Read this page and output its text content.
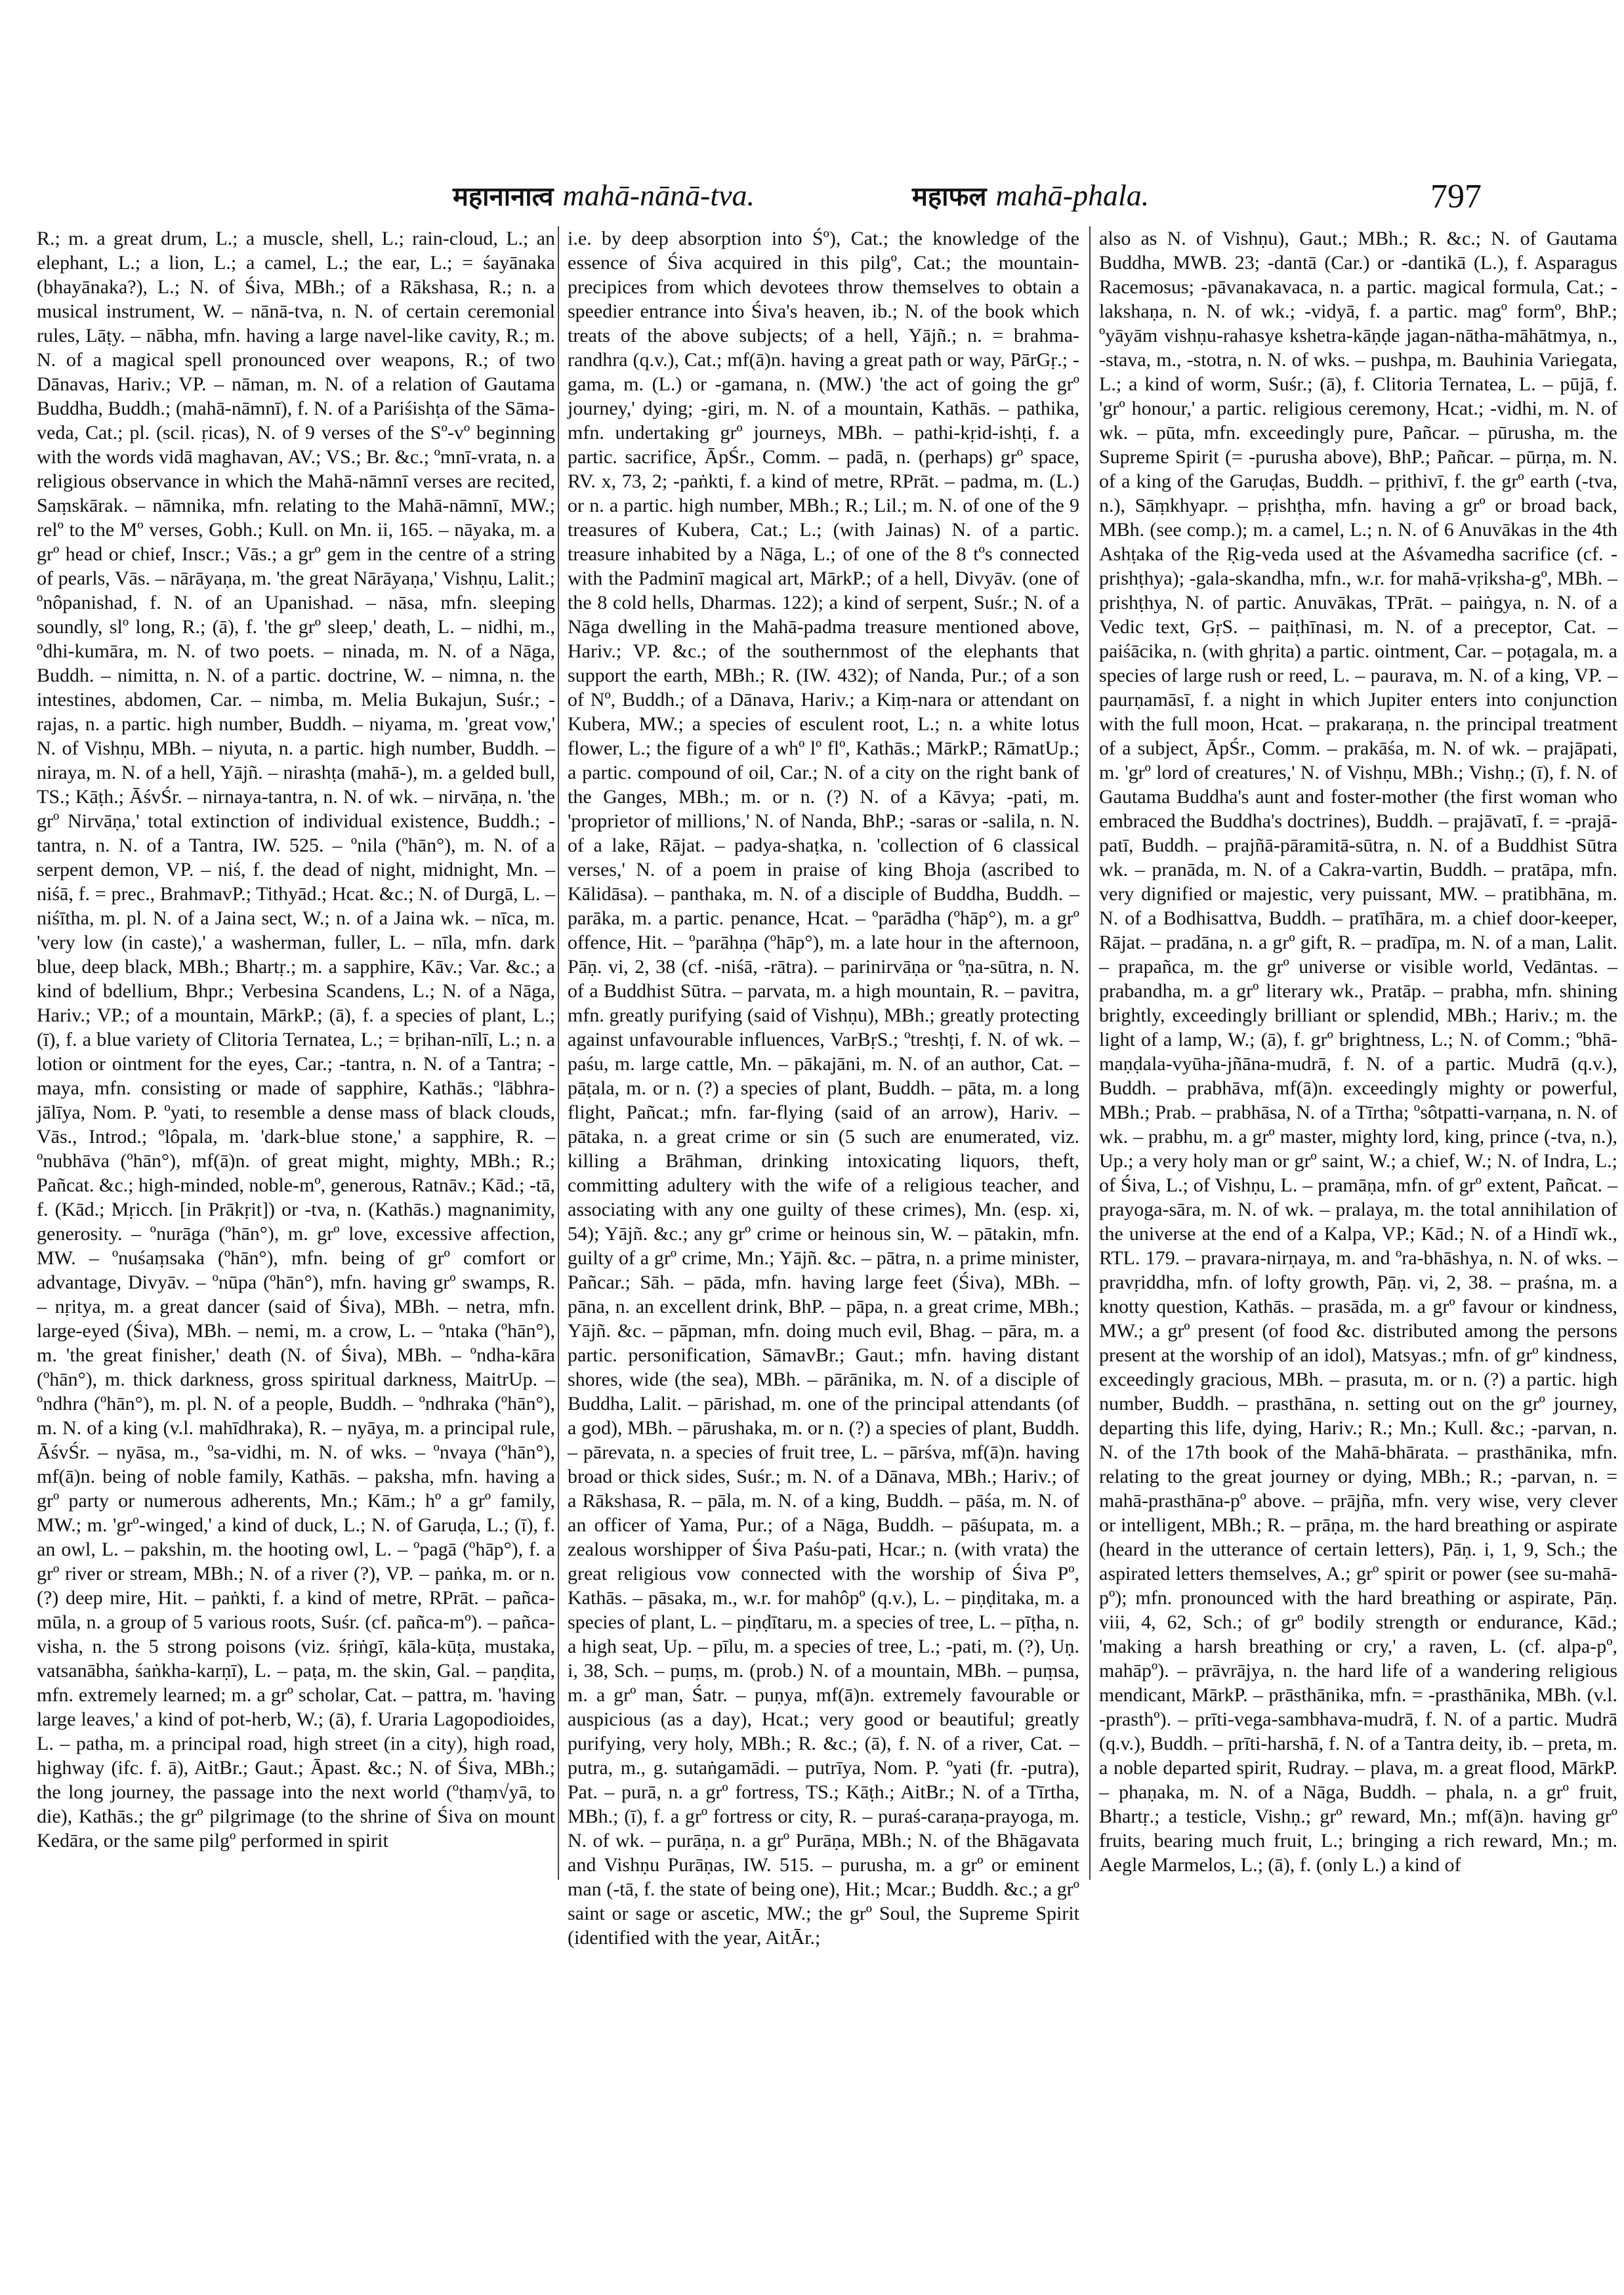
महानानात्व mahā-nānā-tva.	महाफल mahā-phala.	797

R.; m. a great drum, L.; a muscle, shell, L.; rain-cloud, L.; an elephant, L.; a lion, L.; a camel, L.; the ear, L.; = śayānaka (bhayānaka?), L.; N. of Śiva, MBh.; of a Rākshasa, R.; n. a musical instrument, W. – nānā-tva, n. N. of certain ceremonial rules, Lāṭy. – nābha, mfn. having a large navel-like cavity, R.; m. N. of a magical spell pronounced over weapons, R.; of two Dānavas, Hariv.; VP. – nāman, m. N. of a relation of Gautama Buddha, Buddh.; (mahā-nāmnī), f. N. of a Pariśishṭa of the Sāma-veda, Cat.; pl. (scil. ṛicas), N. of 9 verses of the Sº-vº beginning with the words vidā maghavan, AV.; VS.; Br. &c.; ºmnī-vrata, n. a religious observance in which the Mahā-nāmnī verses are recited, Saṃskārak. – nāmnika, mfn. relating to the Mahā-nāmnī, MW.; relº to the Mº verses, Gobh.; Kull. on Mn. ii, 165. – nāyaka, m. a grº head or chief, Inscr.; Vās.; a grº gem in the centre of a string of pearls, Vās. – nārāyaṇa, m. 'the great Nārāyaṇa,' Vishṇu, Lalit.; ºnôpanishad, f. N. of an Upanishad. – nāsa, mfn. sleeping soundly, slº long, R.; (ā), f. 'the grº sleep,' death, L. – nidhi, m., ºdhi-kumāra, m. N. of two poets. – ninada, m. N. of a Nāga, Buddh. – nimitta, n. N. of a partic. doctrine, W. – nimna, n. the intestines, abdomen, Car. – nimba, m. Melia Bukajun, Suśr.; -rajas, n. a partic. high number, Buddh. – niyama, m. 'great vow,' N. of Vishṇu, MBh. – niyuta, n. a partic. high number, Buddh. – niraya, m. N. of a hell, Yājñ. – nirashṭa (mahā-), m. a gelded bull, TS.; Kāṭh.; ĀśvŚr. – nirnaya-tantra, n. N. of wk. – nirvāṇa, n. 'the grº Nirvāṇa,' total extinction of individual existence, Buddh.; -tantra, n. N. of a Tantra, IW. 525. – ºnila (ºhān°), m. N. of a serpent demon, VP. – niś, f. the dead of night, midnight, Mn. – niśā, f. = prec., BrahmavP.; Tithyād.; Hcat. &c.; N. of Durgā, L. – niśītha, m. pl. N. of a Jaina sect, W.; n. of a Jaina wk. – nīca, m. 'very low (in caste),' a washerman, fuller, L. – nīla, mfn. dark blue, deep black, MBh.; Bhartṛ.; m. a sapphire, Kāv.; Var. &c.; a kind of bdellium, Bhpr.; Verbesina Scandens, L.; N. of a Nāga, Hariv.; VP.; of a mountain, MārkP.; (ā), f. a species of plant, L.; (ī), f. a blue variety of Clitoria Ternatea, L.; = bṛihan-nīlī, L.; n. a lotion or ointment for the eyes, Car.; -tantra, n. N. of a Tantra; -maya, mfn. consisting or made of sapphire, Kathās.; ºlābhra-jālīya, Nom. P. ºyati, to resemble a dense mass of black clouds, Vās., Introd.; ºlôpala, m. 'dark-blue stone,' a sapphire, R. – ºnubhāva (ºhān°), mf(ā)n. of great might, mighty, MBh.; R.; Pañcat. &c.; high-minded, noble-mº, generous, Ratnāv.; Kād.; -tā, f. (Kād.; Mṛicch. [in Prākṛit]) or -tva, n. (Kathās.) magnanimity, generosity. – ºnurāga (ºhān°), m. grº love, excessive affection, MW. – ºnuśaṃsaka (ºhān°), mfn. being of grº comfort or advantage, Divyāv. – ºnūpa (ºhān°), mfn. having grº swamps, R. – nṛitya, m. a great dancer (said of Śiva), MBh. – netra, mfn. large-eyed (Śiva), MBh. – nemi, m. a crow, L. – ºntaka (ºhān°), m. 'the great finisher,' death (N. of Śiva), MBh. – ºndha-kāra (ºhān°), m. thick darkness, gross spiritual darkness, MaitrUp. – ºndhra (ºhān°), m. pl. N. of a people, Buddh. – ºndhraka (ºhān°), m. N. of a king (v.l. mahīdhraka), R. – nyāya, m. a principal rule, ĀśvŚr. – nyāsa, m., ºsa-vidhi, m. N. of wks. – ºnvaya (ºhān°), mf(ā)n. being of noble family, Kathās. – paksha, mfn. having a grº party or numerous adherents, Mn.; Kām.; hº a grº family, MW.; m. 'grº-winged,' a kind of duck, L.; N. of Garuḍa, L.; (ī), f. an owl, L. – pakshin, m. the hooting owl, L. – ºpagā (ºhāp°), f. a grº river or stream, MBh.; N. of a river (?), VP. – paṅka, m. or n. (?) deep mire, Hit. – paṅkti, f. a kind of metre, RPrāt. – pañca-mūla, n. a group of 5 various roots, Suśr. (cf. pañca-mº). – pañca-visha, n. the 5 strong poisons (viz. śṛiṅgī, kāla-kūṭa, mustaka, vatsanābha, śaṅkha-karṇī), L. – paṭa, m. the skin, Gal. – paṇḍita, mfn. extremely learned; m. a grº scholar, Cat. – pattra, m. 'having large leaves,' a kind of pot-herb, W.; (ā), f. Uraria Lagopodioides, L. – patha, m. a principal road, high street (in a city), high road, highway (ifc. f. ā), AitBr.; Gaut.; Āpast. &c.; N. of Śiva, MBh.; the long journey, the passage into the next world (ºthaṃ√yā, to die), Kathās.; the grº pilgrimage (to the shrine of Śiva on mount Kedāra, or the same pilgº performed in spirit

i.e. by deep absorption into Śº), Cat.; the knowledge of the essence of Śiva acquired in this pilgº, Cat.; the mountain-precipices from which devotees throw themselves to obtain a speedier entrance into Śiva's heaven, ib.; N. of the book which treats of the above subjects; of a hell, Yājñ.; n. = brahma-randhra (q.v.), Cat.; mf(ā)n. having a great path or way, PārGṛ.; -gama, m. (L.) or -gamana, n. (MW.) 'the act of going the grº journey,' dying; -giri, m. N. of a mountain, Kathās. – pathika, mfn. undertaking grº journeys, MBh. – pathi-kṛid-ishṭi, f. a partic. sacrifice, ĀpŚr., Comm. – padā, n. (perhaps) grº space, RV. x, 73, 2; -paṅkti, f. a kind of metre, RPrāt. – padma, m. (L.) or n. a partic. high number, MBh.; R.; Lil.; m. N. of one of the 9 treasures of Kubera, Cat.; L.; (with Jainas) N. of a partic. treasure inhabited by a Nāga, L.; of one of the 8 tºs connected with the Padminī magical art, MārkP.; of a hell, Divyāv. (one of the 8 cold hells, Dharmas. 122); a kind of serpent, Suśr.; N. of a Nāga dwelling in the Mahā-padma treasure mentioned above, Hariv.; VP. &c.; of the southernmost of the elephants that support the earth, MBh.; R. (IW. 432); of Nanda, Pur.; of a son of Nº, Buddh.; of a Dānava, Hariv.; a Kiṃ-nara or attendant on Kubera, MW.; a species of esculent root, L.; n. a white lotus flower, L.; the figure of a whº lº flº, Kathās.; MārkP.; RāmatUp.; a partic. compound of oil, Car.; N. of a city on the right bank of the Ganges, MBh.; m. or n. (?) N. of a Kāvya; -pati, m. 'proprietor of millions,' N. of Nanda, BhP.; -saras or -salila, n. N. of a lake, Rājat. – padya-shaṭka, n. 'collection of 6 classical verses,' N. of a poem in praise of king Bhoja (ascribed to Kālidāsa). – panthaka, m. N. of a disciple of Buddha, Buddh. – parāka, m. a partic. penance, Hcat. – ºparādha (ºhāp°), m. a grº offence, Hit. – ºparāhṇa (ºhāp°), m. a late hour in the afternoon, Pāṇ. vi, 2, 38 (cf. -niśā, -rātra). – parinirvāṇa or ºṇa-sūtra, n. N. of a Buddhist Sūtra. – parvata, m. a high mountain, R. – pavitra, mfn. greatly purifying (said of Vishṇu), MBh.; greatly protecting against unfavourable influences, VarBṛS.; ºtreshṭi, f. N. of wk. – paśu, m. large cattle, Mn. – pākajāni, m. N. of an author, Cat. – pāṭala, m. or n. (?) a species of plant, Buddh. – pāta, m. a long flight, Pañcat.; mfn. far-flying (said of an arrow), Hariv. – pātaka, n. a great crime or sin (5 such are enumerated, viz. killing a Brāhman, drinking intoxicating liquors, theft, committing adultery with the wife of a religious teacher, and associating with any one guilty of these crimes), Mn. (esp. xi, 54); Yājñ. &c.; any grº crime or heinous sin, W. – pātakin, mfn. guilty of a grº crime, Mn.; Yājñ. &c. – pātra, n. a prime minister, Pañcar.; Sāh. – pāda, mfn. having large feet (Śiva), MBh. – pāna, n. an excellent drink, BhP. – pāpa, n. a great crime, MBh.; Yājñ. &c. – pāpman, mfn. doing much evil, Bhag. – pāra, m. a partic. personification, SāmavBr.; Gaut.; mfn. having distant shores, wide (the sea), MBh. – pārānika, m. N. of a disciple of Buddha, Lalit. – pārishad, m. one of the principal attendants (of a god), MBh. – pārushaka, m. or n. (?) a species of plant, Buddh. – pārevata, n. a species of fruit tree, L. – pārśva, mf(ā)n. having broad or thick sides, Suśr.; m. N. of a Dānava, MBh.; Hariv.; of a Rākshasa, R. – pāla, m. N. of a king, Buddh. – pāśa, m. N. of an officer of Yama, Pur.; of a Nāga, Buddh. – pāśupata, m. a zealous worshipper of Śiva Paśu-pati, Hcar.; n. (with vrata) the great religious vow connected with the worship of Śiva Pº, Kathās. – pāsaka, m., w.r. for mahôpº (q.v.), L. – piṇḍitaka, m. a species of plant, L. – piṇḍītaru, m. a species of tree, L. – pīṭha, n. a high seat, Up. – pīlu, m. a species of tree, L.; -pati, m. (?), Uṇ. i, 38, Sch. – puṃs, m. (prob.) N. of a mountain, MBh. – puṃsa, m. a grº man, Śatr. – puṇya, mf(ā)n. extremely favourable or auspicious (as a day), Hcat.; very good or beautiful; greatly purifying, very holy, MBh.; R. &c.; (ā), f. N. of a river, Cat. – putra, m., g. sutaṅgamādi. – putrīya, Nom. P. ºyati (fr. -putra), Pat. – purā, n. a grº fortress, TS.; Kāṭh.; AitBr.; N. of a Tīrtha, MBh.; (ī), f. a grº fortress or city, R. – puraś-caraṇa-prayoga, m. N. of wk. – purāṇa, n. a grº Purāṇa, MBh.; N. of the Bhāgavata and Vishṇu Purāṇas, IW. 515. – purusha, m. a grº or eminent man (-tā, f. the state of being one), Hit.; Mcar.; Buddh. &c.; a grº saint or sage or ascetic, MW.; the grº Soul, the Supreme Spirit (identified with the year, AitĀr.;

also as N. of Vishṇu), Gaut.; MBh.; R. &c.; N. of Gautama Buddha, MWB. 23; -dantā (Car.) or -dantikā (L.), f. Asparagus Racemosus; -pāvanakavaca, n. a partic. magical formula, Cat.; -lakshaṇa, n. N. of wk.; -vidyā, f. a partic. magº formº, BhP.; ºyāyām vishṇu-rahasye kshetra-kāṇḍe jagan-nātha-māhātmya, n., -stava, m., -stotra, n. N. of wks. – pushpa, m. Bauhinia Variegata, L.; a kind of worm, Suśr.; (ā), f. Clitoria Ternatea, L. – pūjā, f. 'grº honour,' a partic. religious ceremony, Hcat.; -vidhi, m. N. of wk. – pūta, mfn. exceedingly pure, Pañcar. – pūrusha, m. the Supreme Spirit (= -purusha above), BhP.; Pañcar. – pūrṇa, m. N. of a king of the Garuḍas, Buddh. – pṛithivī, f. the grº earth (-tva, n.), Sāṃkhyapr. – pṛishṭha, mfn. having a grº or broad back, MBh. (see comp.); m. a camel, L.; n. N. of 6 Anuvākas in the 4th Ashṭaka of the Ṛig-veda used at the Aśvamedha sacrifice (cf. -prishṭhya); -gala-skandha, mfn., w.r. for mahā-vṛiksha-gº, MBh. – prishṭhya, N. of partic. Anuvākas, TPrāt. – paiṅgya, n. N. of a Vedic text, GṛS. – paiṭhīnasi, m. N. of a preceptor, Cat. – paiśācika, n. (with ghṛita) a partic. ointment, Car. – poṭagala, m. a species of large rush or reed, L. – paurava, m. N. of a king, VP. – paurṇamāsī, f. a night in which Jupiter enters into conjunction with the full moon, Hcat. – prakaraṇa, n. the principal treatment of a subject, ĀpŚr., Comm. – prakāśa, m. N. of wk. – prajāpati, m. 'grº lord of creatures,' N. of Vishṇu, MBh.; Vishṇ.; (ī), f. N. of Gautama Buddha's aunt and foster-mother (the first woman who embraced the Buddha's doctrines), Buddh. – prajāvatī, f. = -prajā-patī, Buddh. – prajñā-pāramitā-sūtra, n. N. of a Buddhist Sūtra wk. – pranāda, m. N. of a Cakra-vartin, Buddh. – pratāpa, mfn. very dignified or majestic, very puissant, MW. – pratibhāna, m. N. of a Bodhisattva, Buddh. – pratīhāra, m. a chief door-keeper, Rājat. – pradāna, n. a grº gift, R. – pradīpa, m. N. of a man, Lalit. – prapañca, m. the grº universe or visible world, Vedāntas. – prabandha, m. a grº literary wk., Pratāp. – prabha, mfn. shining brightly, exceedingly brilliant or splendid, MBh.; Hariv.; m. the light of a lamp, W.; (ā), f. grº brightness, L.; N. of Comm.; ºbhā-maṇḍala-vyūha-jñāna-mudrā, f. N. of a partic. Mudrā (q.v.), Buddh. – prabhāva, mf(ā)n. exceedingly mighty or powerful, MBh.; Prab. – prabhāsa, N. of a Tīrtha; ºsôtpatti-varṇana, n. N. of wk. – prabhu, m. a grº master, mighty lord, king, prince (-tva, n.), Up.; a very holy man or grº saint, W.; a chief, W.; N. of Indra, L.; of Śiva, L.; of Vishṇu, L. – pramāṇa, mfn. of grº extent, Pañcat. – prayoga-sāra, m. N. of wk. – pralaya, m. the total annihilation of the universe at the end of a Kalpa, VP.; Kād.; N. of a Hindī wk., RTL. 179. – pravara-nirṇaya, m. and ºra-bhāshya, n. N. of wks. – pravṛiddha, mfn. of lofty growth, Pāṇ. vi, 2, 38. – praśna, m. a knotty question, Kathās. – prasāda, m. a grº favour or kindness, MW.; a grº present (of food &c. distributed among the persons present at the worship of an idol), Matsyas.; mfn. of grº kindness, exceedingly gracious, MBh. – prasuta, m. or n. (?) a partic. high number, Buddh. – prasthāna, n. setting out on the grº journey, departing this life, dying, Hariv.; R.; Mn.; Kull. &c.; -parvan, n. N. of the 17th book of the Mahā-bhārata. – prasthānika, mfn. relating to the great journey or dying, MBh.; R.; -parvan, n. = mahā-prasthāna-pº above. – prājña, mfn. very wise, very clever or intelligent, MBh.; R. – prāṇa, m. the hard breathing or aspirate (heard in the utterance of certain letters), Pāṇ. i, 1, 9, Sch.; the aspirated letters themselves, A.; grº spirit or power (see su-mahā-pº); mfn. pronounced with the hard breathing or aspirate, Pāṇ. viii, 4, 62, Sch.; of grº bodily strength or endurance, Kād.; 'making a harsh breathing or cry,' a raven, L. (cf. alpa-pº, mahāpº). – prāvrājya, n. the hard life of a wandering religious mendicant, MārkP. – prāsthānika, mfn. = -prasthānika, MBh. (v.l. -prasthº). – prīti-vega-sambhava-mudrā, f. N. of a partic. Mudrā (q.v.), Buddh. – prīti-harshā, f. N. of a Tantra deity, ib. – preta, m. a noble departed spirit, Rudray. – plava, m. a great flood, MārkP. – phaṇaka, m. N. of a Nāga, Buddh. – phala, n. a grº fruit, Bhartṛ.; a testicle, Vishṇ.; grº reward, Mn.; mf(ā)n. having grº fruits, bearing much fruit, L.; bringing a rich reward, Mn.; m. Aegle Marmelos, L.; (ā), f. (only L.) a kind of
